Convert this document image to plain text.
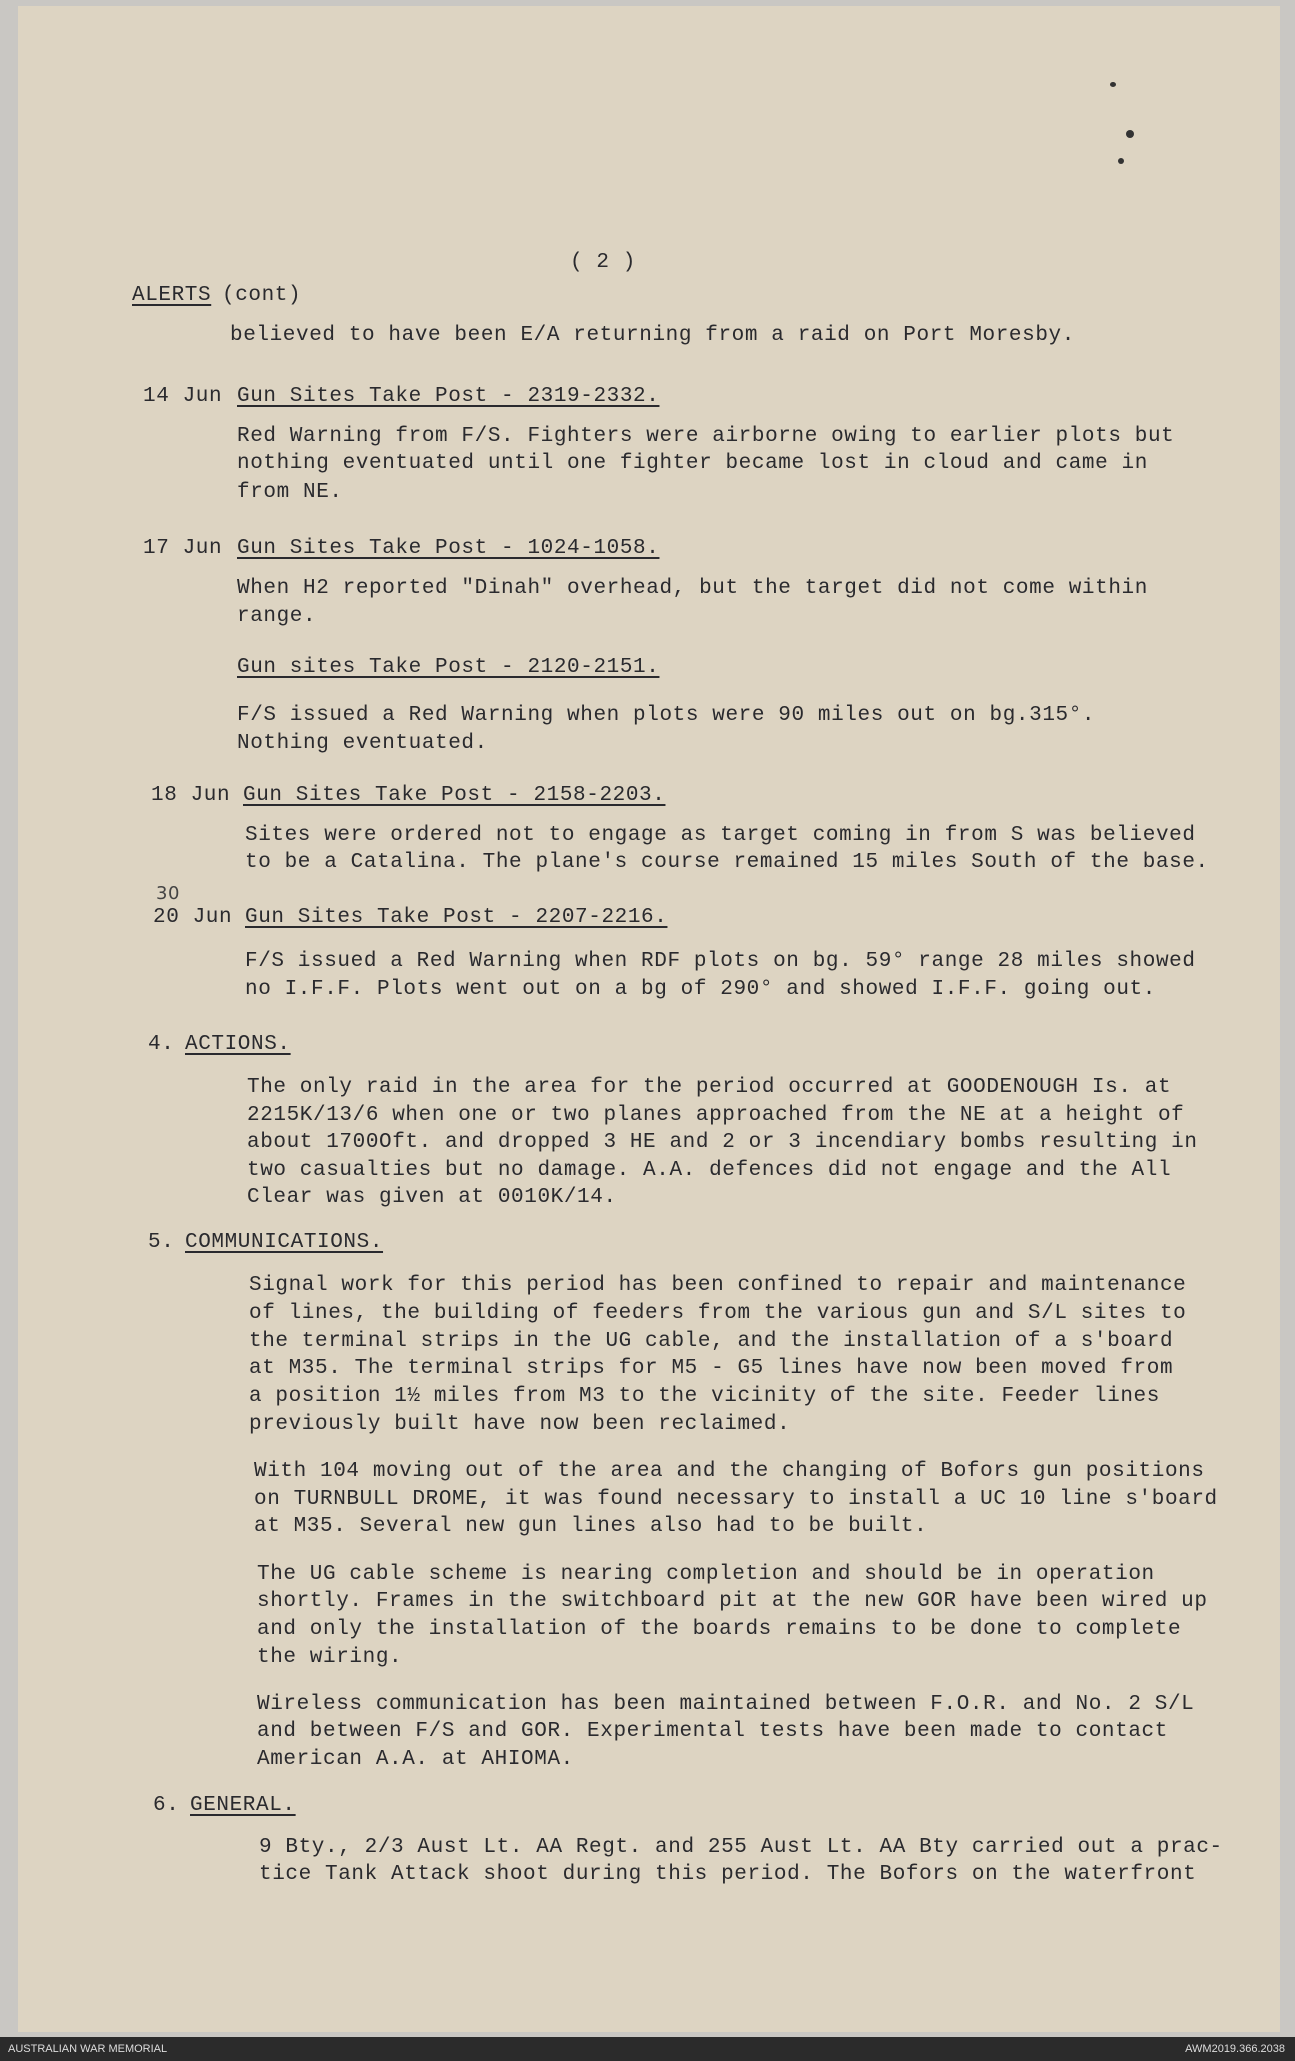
( 2 )
ALERTS (cont)
believed to have been E/A returning from a raid on Port Moresby.
14 Jun Gun Sites Take Post - 2319-2332.
Red Warning from F/S. Fighters were airborne owing to earlier plots but
nothing eventuated until one fighter became lost in cloud and came in
from NE.
17 Jun Gun Sites Take Post - 1024-1058.
When H2 reported "Dinah" overhead, but the target did not come within
range.
Gun sites Take Post - 2120-2151.
F/S issued a Red Warning when plots were 90 miles out on bg.315°.
Nothing eventuated.
18 Jun Gun Sites Take Post - 2158-2203.
Sites were ordered not to engage as target coming in from S was believed
to be a Catalina. The plane's course remained 15 miles South of the base.
30
20 Jun Gun Sites Take Post - 2207-2216.
F/S issued a Red Warning when RDF plots on bg. 59° range 28 miles showed
no I.F.F. Plots went out on a bg of 290° and showed I.F.F. going out.
4. ACTIONS.
The only raid in the area for the period occurred at GOODENOUGH Is. at
2215K/13/6 when one or two planes approached from the NE at a height of
about 1700Oft. and dropped 3 HE and 2 or 3 incendiary bombs resulting in
two casualties but no damage. A.A. defences did not engage and the All
Clear was given at 0010K/14.
5. COMMUNICATIONS.
Signal work for this period has been confined to repair and maintenance
of lines, the building of feeders from the various gun and S/L sites to
the terminal strips in the UG cable, and the installation of a s'board
at M35. The terminal strips for M5 - G5 lines have now been moved from
a position 1½ miles from M3 to the vicinity of the site. Feeder lines
previously built have now been reclaimed.
With 104 moving out of the area and the changing of Bofors gun positions
on TURNBULL DROME, it was found necessary to install a UC 10 line s'board
at M35. Several new gun lines also had to be built.
The UG cable scheme is nearing completion and should be in operation
shortly. Frames in the switchboard pit at the new GOR have been wired up
and only the installation of the boards remains to be done to complete
the wiring.
Wireless communication has been maintained between F.O.R. and No. 2 S/L
and between F/S and GOR. Experimental tests have been made to contact
American A.A. at AHIOMA.
6. GENERAL.
9 Bty., 2/3 Aust Lt. AA Regt. and 255 Aust Lt. AA Bty carried out a prac-
tice Tank Attack shoot during this period. The Bofors on the waterfront
AUSTRALIAN WAR MEMORIAL	AWM2019.366.2038
